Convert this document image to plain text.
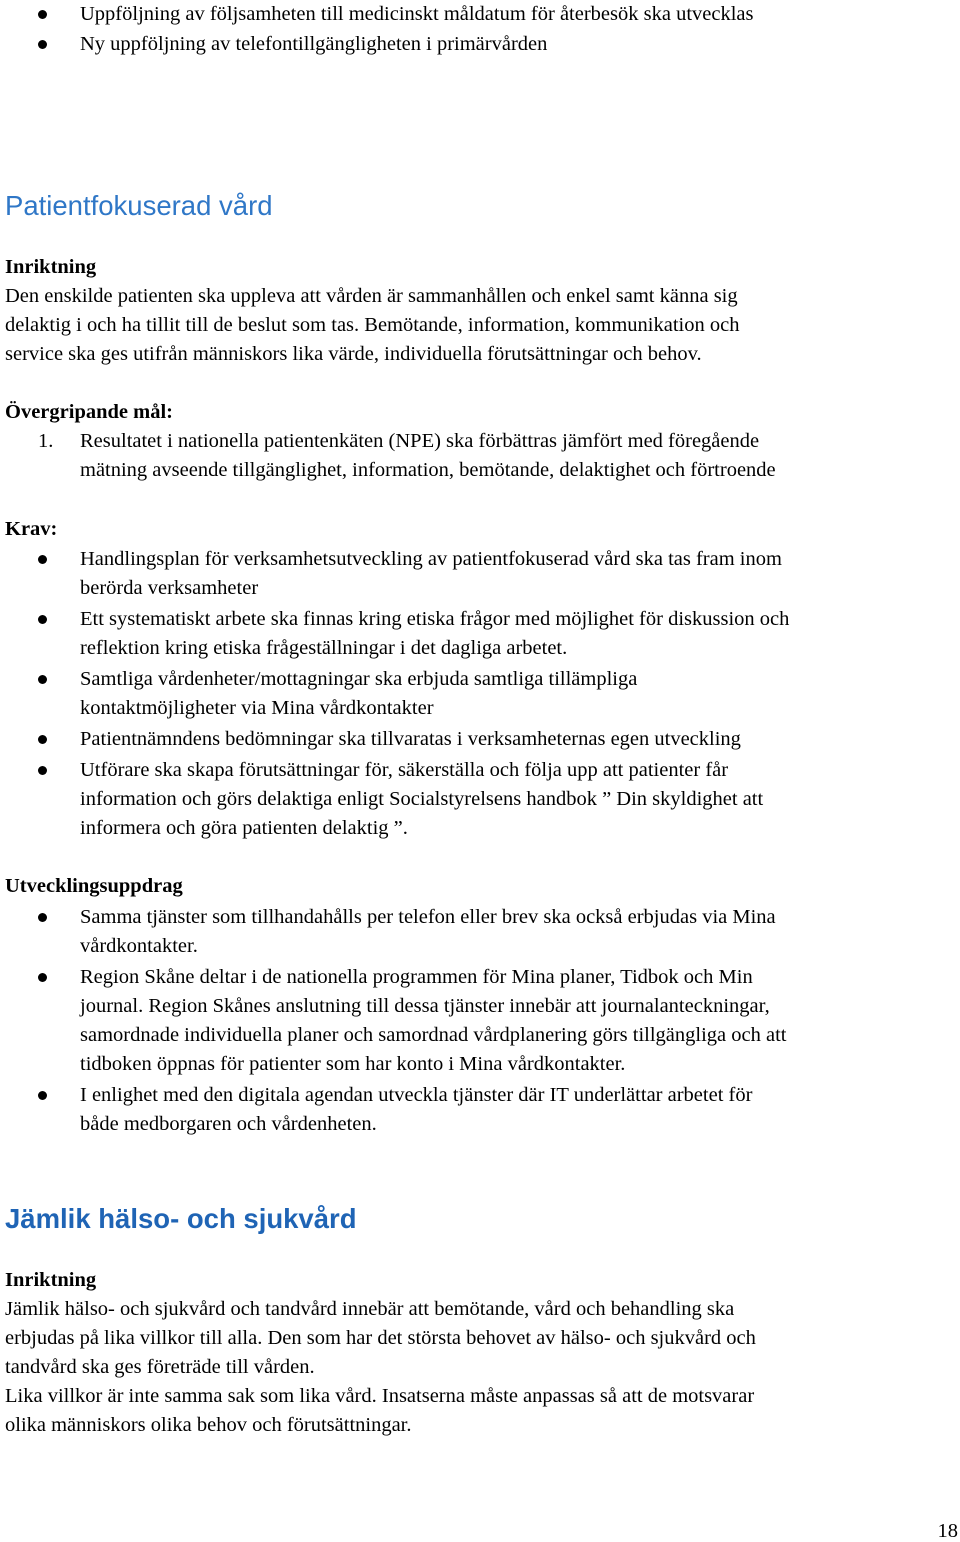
Uppföljning av följsamheten till medicinskt måldatum för återbesök ska utvecklas
Ny uppföljning av telefontillgängligheten i primärvården
Patientfokuserad vård
Inriktning
Den enskilde patienten ska uppleva att vården är sammanhållen och enkel samt känna sig
delaktig i och ha tillit till de beslut som tas. Bemötande, information, kommunikation och
service ska ges utifrån människors lika värde, individuella förutsättningar och behov.
Övergripande mål:
1. Resultatet i nationella patientenkäten (NPE) ska förbättras jämfört med föregående
mätning avseende tillgänglighet, information, bemötande, delaktighet och förtroende
Krav:
Handlingsplan för verksamhetsutveckling av patientfokuserad vård ska tas fram inom
berörda verksamheter
Ett systematiskt arbete ska finnas kring etiska frågor med möjlighet för diskussion och
reflektion kring etiska frågeställningar i det dagliga arbetet.
Samtliga vårdenheter/mottagningar ska erbjuda samtliga tillämpliga
kontaktmöjligheter via Mina vårdkontakter
Patientnämndens bedömningar ska tillvaratas i verksamheternas egen utveckling
Utförare ska skapa förutsättningar för, säkerställa och följa upp att patienter får
information och görs delaktiga enligt Socialstyrelsens handbok ” Din skyldighet att
informera och göra patienten delaktig ”.
Utvecklingsuppdrag
Samma tjänster som tillhandahålls per telefon eller brev ska också erbjudas via Mina
vårdkontakter.
Region Skåne deltar i de nationella programmen för Mina planer, Tidbok och Min
journal. Region Skånes anslutning till dessa tjänster innebär att journalanteckningar,
samordnade individuella planer och samordnad vårdplanering görs tillgängliga och att
tidboken öppnas för patienter som har konto i Mina vårdkontakter.
I enlighet med den digitala agendan utveckla tjänster där IT underlättar arbetet för
både medborgaren och vårdenheten.
Jämlik hälso- och sjukvård
Inriktning
Jämlik hälso- och sjukvård och tandvård innebär att bemötande, vård och behandling ska
erbjudas på lika villkor till alla. Den som har det största behovet av hälso- och sjukvård och
tandvård ska ges företräde till vården.
Lika villkor är inte samma sak som lika vård. Insatserna måste anpassas så att de motsvarar
olika människors olika behov och förutsättningar.
18
